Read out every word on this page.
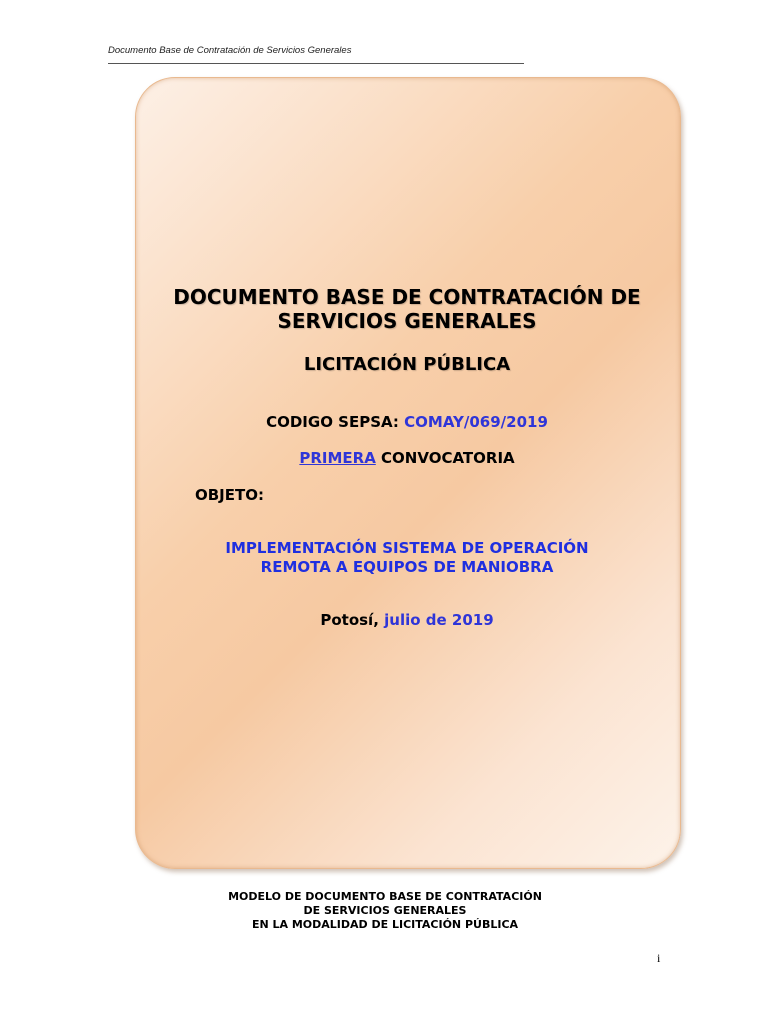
Documento Base de Contratación de Servicios Generales
DOCUMENTO BASE DE CONTRATACIÓN DE
SERVICIOS GENERALES
LICITACIÓN PÚBLICA
CODIGO SEPSA: COMAY/069/2019
PRIMERA CONVOCATORIA
OBJETO:
IMPLEMENTACIÓN SISTEMA DE OPERACIÓN
REMOTA A EQUIPOS DE MANIOBRA
Potosí, julio de 2019
MODELO DE DOCUMENTO BASE DE CONTRATACIÓN
DE SERVICIOS GENERALES
EN LA MODALIDAD DE LICITACIÓN PÚBLICA
i
